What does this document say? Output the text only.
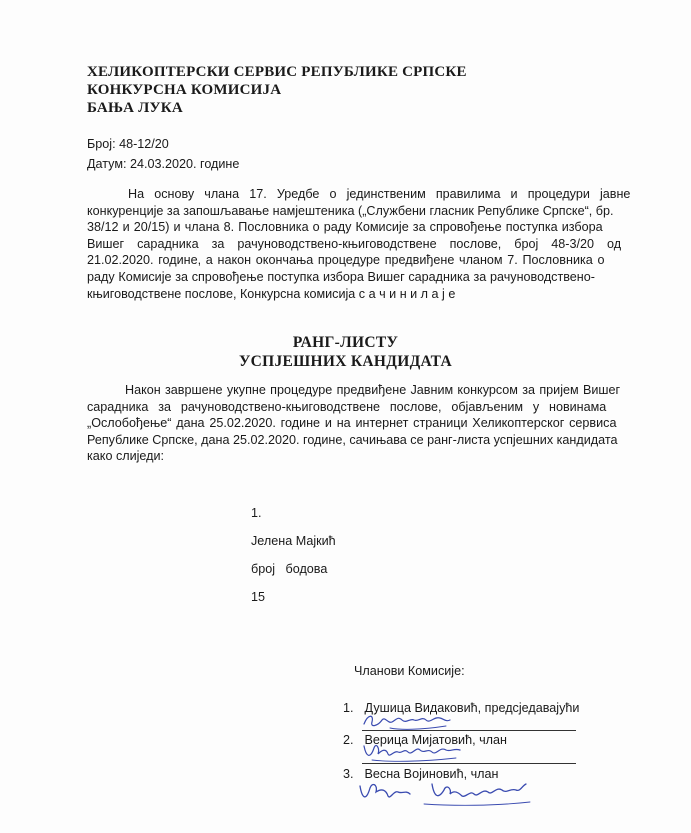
ХЕЛИКОПТЕРСКИ СЕРВИС РЕПУБЛИКЕ СРПСКЕ
КОНКУРСНА КОМИСИЈА
БАЊА ЛУКА
Број: 48-12/20
Датум: 24.03.2020. године
На основу члана 17. Уредбе о јединственим правилима и процедури јавне
конкуренције за запошљавање намјештеника („Службени гласник Републике Српске“, бр.
38/12 и 20/15) и члана 8. Пословника о раду Комисије за спровођење поступка избора
Вишег сарадника за рачуноводствено-књиговодствене послове, број 48-3/20 од
21.02.2020. године, а након окончања процедуре предвиђене чланом 7. Пословника о
раду Комисије за спровођење поступка избора Вишег сарадника за рачуноводствено-
књиговодствене послове, Конкурсна комисија с а ч и н и л а ј е
РАНГ-ЛИСТУ
УСПЈЕШНИХ КАНДИДАТА
Након завршене укупне процедуре предвиђене Јавним конкурсом за пријем Вишег
сарадника за рачуноводствено-књиговодствене послове, објављеним у новинама
„Ослобођење“ дана 25.02.2020. године и на интернет страници Хеликоптерског сервиса
Републике Српске, дана 25.02.2020. године, сачињава се ранг-листа успјешних кандидата
како слиједи:

1.

Јелена Мајкић

број   бодова

15

Чланови Комисије:
1. Душица Видаковић, предсједавајући
2. Верица Мијатовић, члан
3. Весна Војиновић, члан
